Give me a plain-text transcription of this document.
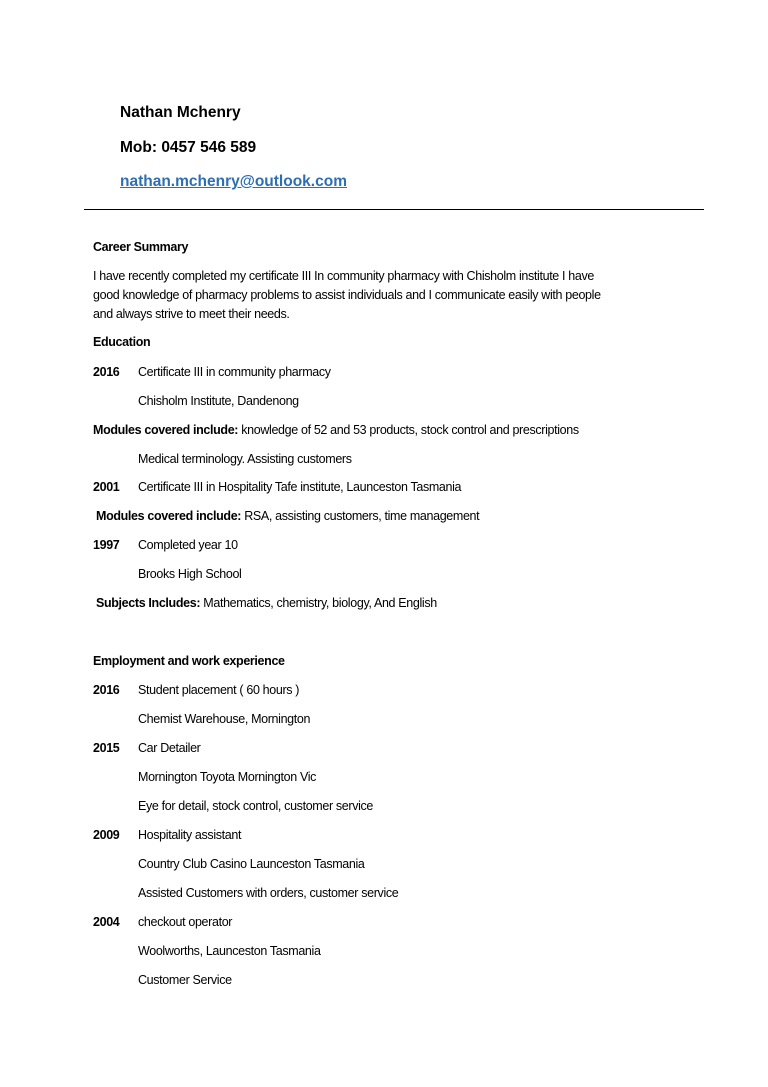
Nathan Mchenry
Mob: 0457 546 589
nathan.mchenry@outlook.com
Career Summary
I have recently completed my certificate III In community pharmacy with Chisholm institute I have
good knowledge of pharmacy problems to assist individuals and I communicate easily with people
and always strive to meet their needs.
Education
2016 Certificate III in community pharmacy
Chisholm Institute, Dandenong
Modules covered include: knowledge of 52 and 53 products, stock control and prescriptions
Medical terminology. Assisting customers
2001 Certificate III in Hospitality Tafe institute, Launceston Tasmania
Modules covered include: RSA, assisting customers, time management
1997 Completed year 10
Brooks High School
Subjects Includes: Mathematics, chemistry, biology, And English
Employment and work experience
2016 Student placement ( 60 hours )
Chemist Warehouse, Mornington
2015 Car Detailer
Mornington Toyota Mornington Vic
Eye for detail, stock control, customer service
2009 Hospitality assistant
Country Club Casino Launceston Tasmania
Assisted Customers with orders, customer service
2004 checkout operator
Woolworths, Launceston Tasmania
Customer Service
